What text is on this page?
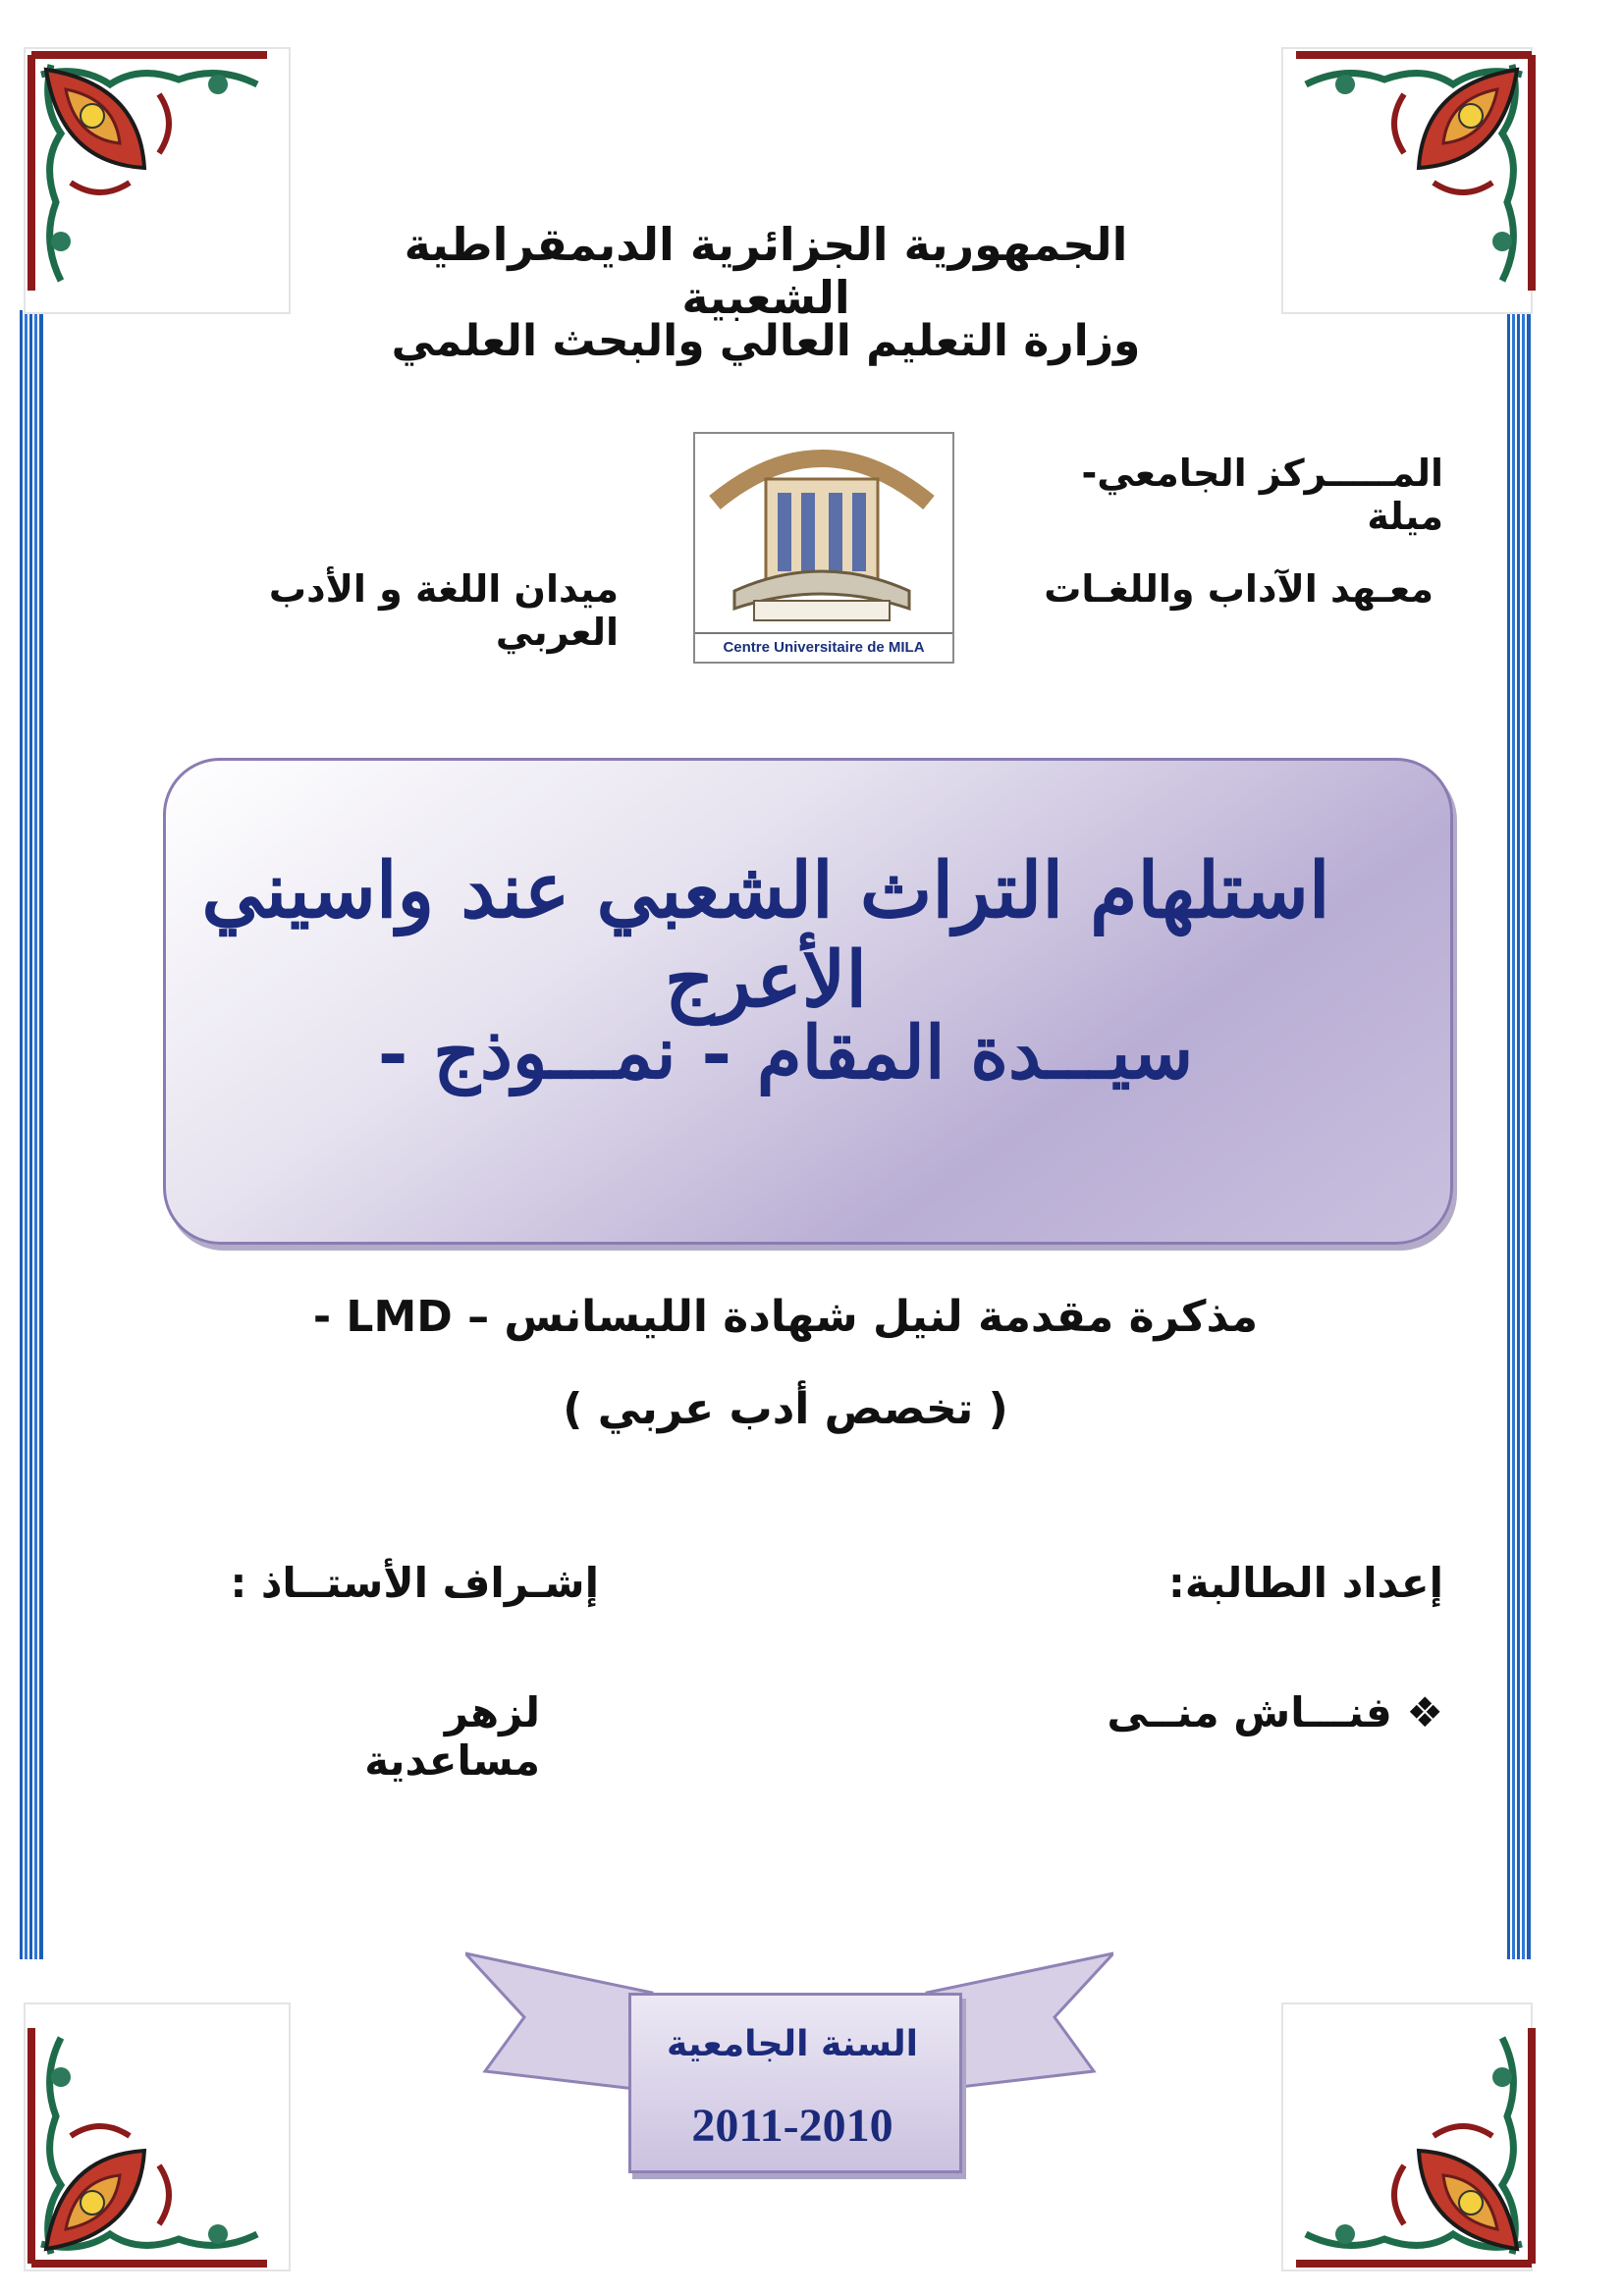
الجمهورية الجزائرية الديمقراطية الشعبية
وزارة التعليم العالي والبحث العلمي
المـــــركز الجامعي-ميلة
معـهد الآداب واللغـات
ميدان اللغة و الأدب العربي	Centre Universitaire de MILA
استلهام التراث الشعبي عند واسيني الأعرج
سيـــدة المقام - نمـــوذج -
مذكرة مقدمة لنيل شهادة الليسانس – LMD -
( تخصص أدب عربي )
إعداد الطالبة:
إشـراف الأستــاذ :
❖ فنـــاش منــى
لزهر مساعدية
السنة الجامعية
2011-2010
